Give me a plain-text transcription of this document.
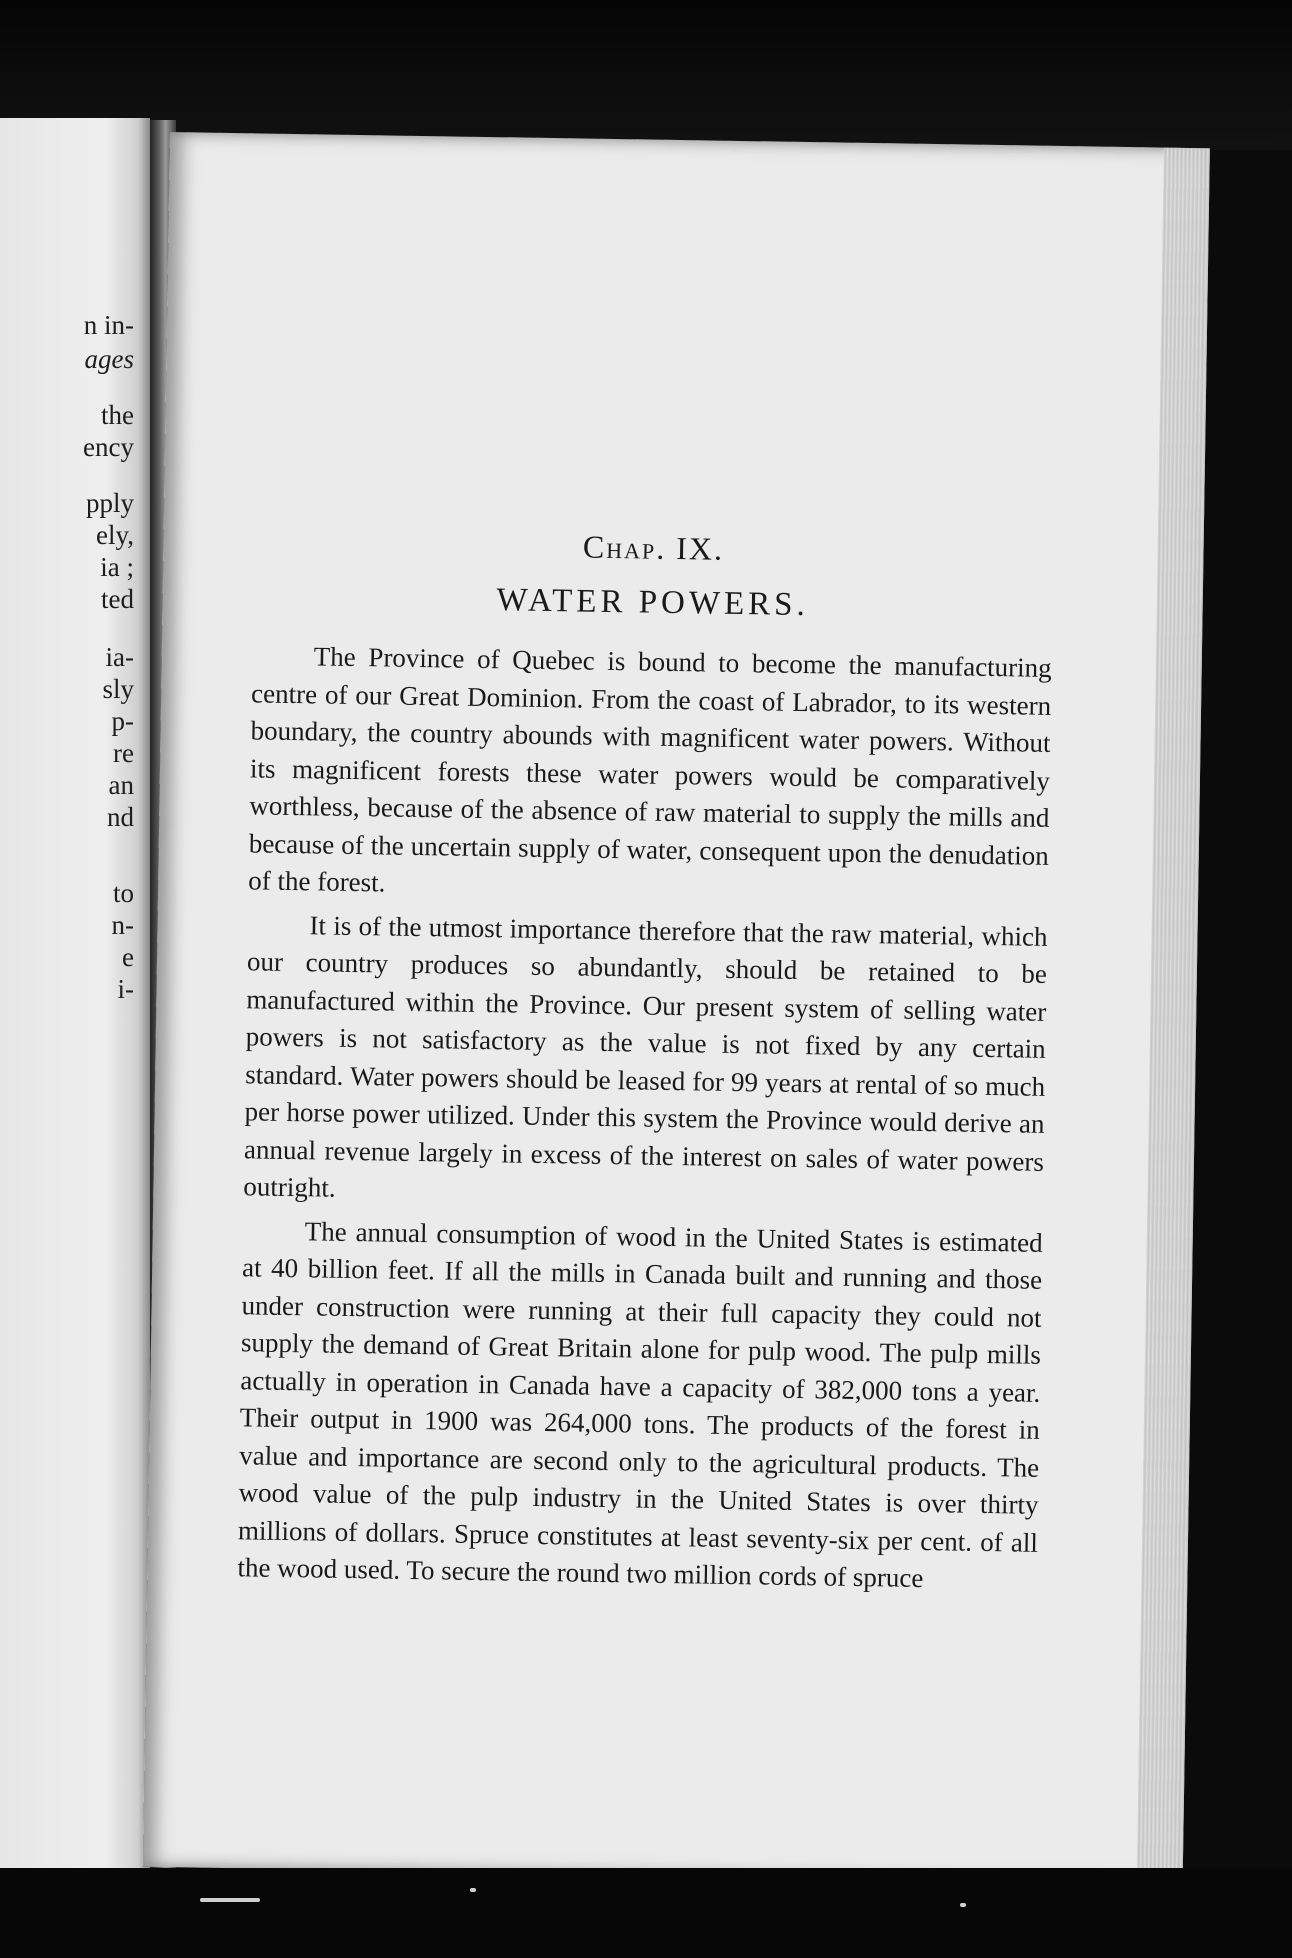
n in-
ages
the
ency
pply
ely,
ia ;
ted
ia-
sly
p-
re
an
nd
to
n-
e
i-
Chap. IX.
WATER POWERS.

The Province of Quebec is bound to become the manufacturing centre of our Great Dominion. From the coast of Labrador, to its western boundary, the country abounds with magnificent water powers. Without its magnificent forests these water powers would be comparatively worthless, because of the absence of raw material to supply the mills and because of the uncertain supply of water, consequent upon the denudation of the forest.

It is of the utmost importance therefore that the raw material, which our country produces so abundantly, should be retained to be manufactured within the Province. Our present system of selling water powers is not satisfactory as the value is not fixed by any certain standard. Water powers should be leased for 99 years at rental of so much per horse power utilized. Under this system the Province would derive an annual revenue largely in excess of the interest on sales of water powers outright.

The annual consumption of wood in the United States is estimated at 40 billion feet. If all the mills in Canada built and running and those under construction were running at their full capacity they could not supply the demand of Great Britain alone for pulp wood. The pulp mills actually in operation in Canada have a capacity of 382,000 tons a year. Their output in 1900 was 264,000 tons. The products of the forest in value and importance are second only to the agricultural products. The wood value of the pulp industry in the United States is over thirty millions of dollars. Spruce constitutes at least seventy-six per cent. of all the wood used. To secure the round two million cords of spruce
